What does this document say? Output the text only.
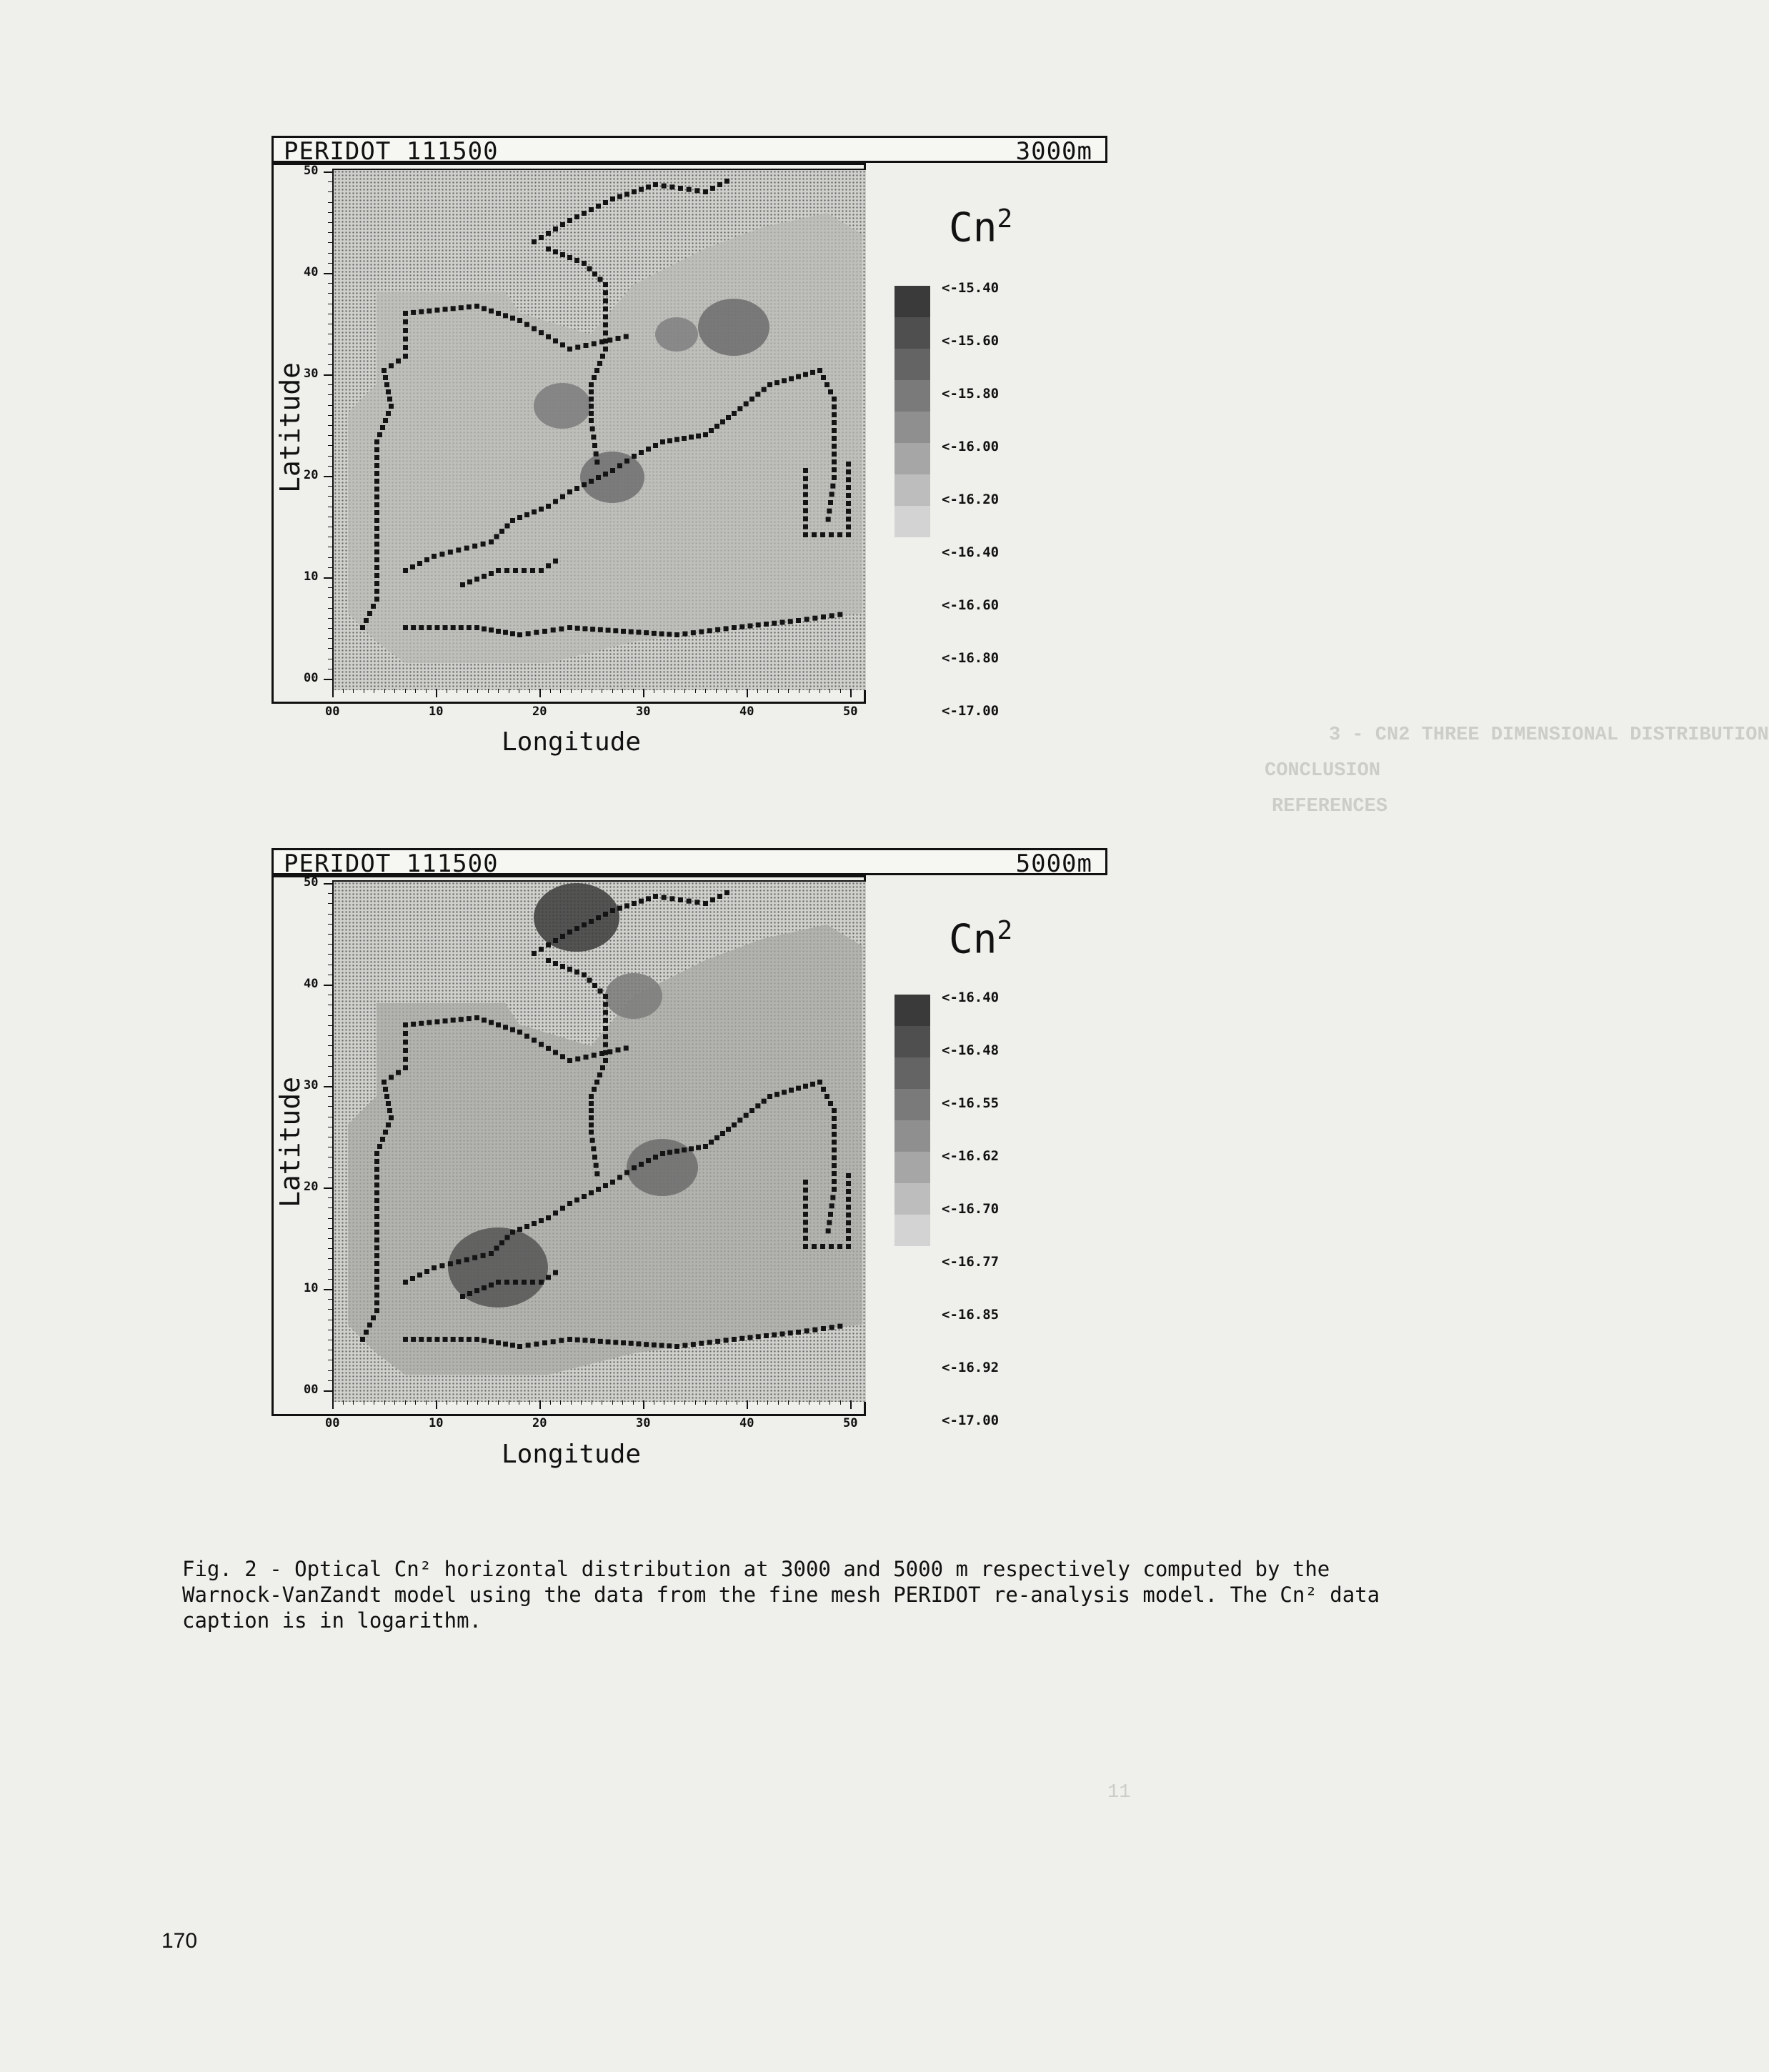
3 - CN2 THREE DIMENSIONAL DISTRIBUTION
CONCLUSION
REFERENCES
11
PERIDOT 111500	3000m
00	10	20	30	40	50
50
40
30
20
10
00
Latitude
Longitude
$Cn^2$
<-15.40
<-15.60
<-15.80
<-16.00
<-16.20
<-16.40
<-16.60
<-16.80
<-17.00
PERIDOT 111500	5000m
00	10	20	30	40	50
50
40
30
20
10
00
Latitude
Longitude
$Cn^2$
<-16.40
<-16.48
<-16.55
<-16.62
<-16.70
<-16.77
<-16.85
<-16.92
<-17.00
Fig. 2 - Optical Cn² horizontal distribution at 3000 and 5000 m respectively computed by the Warnock-VanZandt model using the data from the fine mesh PERIDOT re-analysis model. The Cn² data caption is in logarithm.
170
